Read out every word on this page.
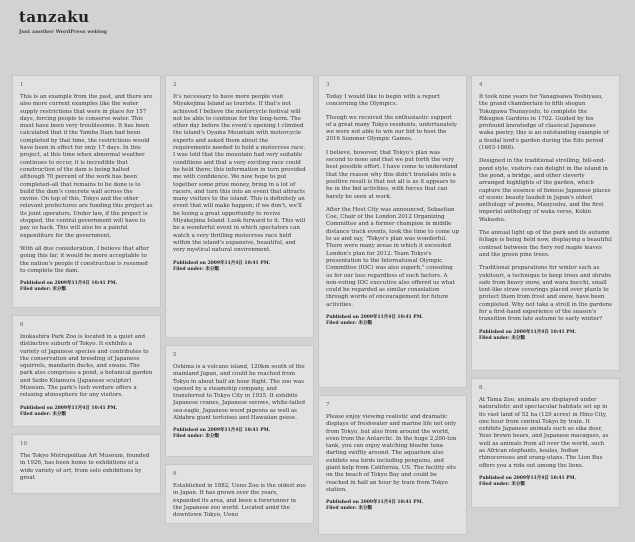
tanzaku
Just another WordPress weblog
1

This is an example from the past, and there are also more current examples like the water supply restrictions that were in place for 157 days, forcing people to conserve water. This must have been very troublesome. It has been calculated that if the Yamba Dam had been completed by that time, the restrictions would have been in effect for only 17 days. In this project, at this time when abnormal weather continues to occur, it is incredible that construction of the dam is being halted although 70 percent of the work has been completed–all that remains to be done is to build the dam's concrete wall across the ravine. On top of this, Tokyo and the other relevant prefectures are funding this project as its joint operators. Under law, if the project is stopped, the central government will have to pay us back. This will also be a painful expenditure for the government.

With all due consideration, I believe that after going this far, it would be more acceptable to the nation's people if construction is resumed to complete the dam.

Published on 2009年11月4日 10:41 PM.
Filed under: 未分類
6

Inokashira Park Zoo is located in a quiet and distinctive suburb of Tokyo. It exhibits a variety of Japanese species and contributes to the conservation and breeding of Japanese squirrels, mandarin ducks, and swans. The park also comprises a pond, a botanical garden and Seibo Kitamura (Japanese sculptor) Museum. The park's lush verdure offers a relaxing atmosphere for any visitors.

Published on 2009年11月4日 10:41 PM.
Filed under: 未分類
10

The Tokyo Metropolitan Art Museum, founded in 1926, has been home to exhibitions of a wide variety of art, from solo exhibitions by great

2

It's necessary to have more people visit Miyakejima Island as tourists. If that's not achieved I believe the motorcycle festival will not be able to continue for the long-term. The other day before the event's opening I climbed the island's Oyama Mountain with motorcycle experts and asked them about the requirements needed to hold a motocross race. I was told that the mountain had very suitable conditions and that a very exciting race could be held there; this information in turn provided me with confidence. We now hope to put together some prize money, bring in a lot of racers, and turn this into an event that attracts many visitors to the island. This is definitely an event that will make happen; if we don't, we'll be losing a great opportunity to revive Miyakejima Island. Look forward to it. This will be a wonderful event in which spectators can watch a very thrilling motocross race held within the island's expansive, beautiful, and very mystical natural environment.

Published on 2009年11月4日 10:41 PM.
Filed under: 未分類
5

Oshima is a volcano island, 120km south of the mainland Japan, and could be reached from Tokyo in about half an hour flight. The zoo was opened by a steamship company, and transferred to Tokyo City in 1935. It exhibits Japanese cranes, Japanese serows, white-tailed sea-eagle, Japanese wood pigeons as well as Aldabra giant tortoises and Hawaiian geese.

Published on 2009年11月4日 10:41 PM.
Filed under: 未分類
9

Established in 1882, Ueno Zoo is the oldest zoo in Japan. It has grown over the years, expanded its area, and been a forerunner in the Japanese zoo world. Located amid the downtown Tokyo, Ueno

3

Today I would like to begin with a report concerning the Olympics.

Though we received the enthusiastic support of a great many Tokyo residents, unfortunately we were not able to win our bid to host the 2016 Summer Olympic Games.

I believe, however, that Tokyo's plan was second to none and that we put forth the very best possible effort. I have come to understand that the reason why this didn't translate into a positive result is that not all is as it appears to be in the bid activities, with forces that can barely be seen at work.

After the Host City was announced, Sebastian Coe, Chair of the London 2012 Organizing Committee and a former champion in middle distance track events, took the time to come up to us and say, "Tokyo's plan was wonderful. There were many areas in which it exceeded London's plan for 2012. Team Tokyo's presentation to the International Olympic Committee (IOC) was also superb," consoling us for our loss regardless of such factors. A non-voting IOC executive also offered us what could be regarded as similar consolation through words of encouragement for future activities.

Published on 2009年11月4日 10:41 PM.
Filed under: 未分類
7

Please enjoy viewing realistic and dramatic displays of freshwater and marine life not only from Tokyo, but also from around the world, even from the Antarctic. In the huge 2,200-ton tank, you can enjoy watching bluefin tuna darting swiftly around. The aquarium also exhibits sea birds including penguins, and giant kelp from California, US. The facility sits on the beach of Tokyo Bay and could be reached in half an hour by train from Tokyo station.

Published on 2009年11月4日 10:41 PM.
Filed under: 未分類
4

It took nine years for Yanagisawa Yoshiyasu, the grand chamberlain to fifth shogun Tokugawa Tsunayoshi, to complete the Rikugien Gardens in 1702. Guided by his profound knowledge of classical Japanese waka poetry, this is an outstanding example of a feudal lord's garden during the Edo period (1603-1868).

Designed in the traditional strolling, hill-and-pond style, visitors can delight in the island in the pond, a bridge, and other cleverly arranged highlights of the garden, which capture the essence of famous Japanese places of scenic beauty lauded in Japan's oldest anthology of poems, Manyoshu, and the first imperial anthology of waka verse, Kokin Wakashu.

The annual light up of the park and its autumn foliage is being held now, displaying a beautiful contrast between the fiery red maple leaves and the green pine trees.

Traditional preparations for winter such as yukitsuri, a technique to keep trees and shrubs safe from heavy snow, and wara bocchi, small tent-like straw coverings placed over plants to protect them from frost and snow, have been completed. Why not take a stroll in the gardens for a first-hand experience of the season's transition from late autumn to early winter?

Published on 2009年11月4日 10:41 PM.
Filed under: 未分類
8

At Tama Zoo, animals are displayed under naturalistic and spectacular habitats set up in its vast land of 52 ha (129 acres) in Hino City, one hour from central Tokyo by train. It exhibits Japanese animals such as sika deer, Yezo brown bears, and Japanese macaques, as well as animals from all over the world, such as African elephants, koalas, Indian rhinoceroses and orang-utans. The Lion Bus offers you a ride out among the lions.

Published on 2009年11月4日 10:41 PM.
Filed under: 未分類
